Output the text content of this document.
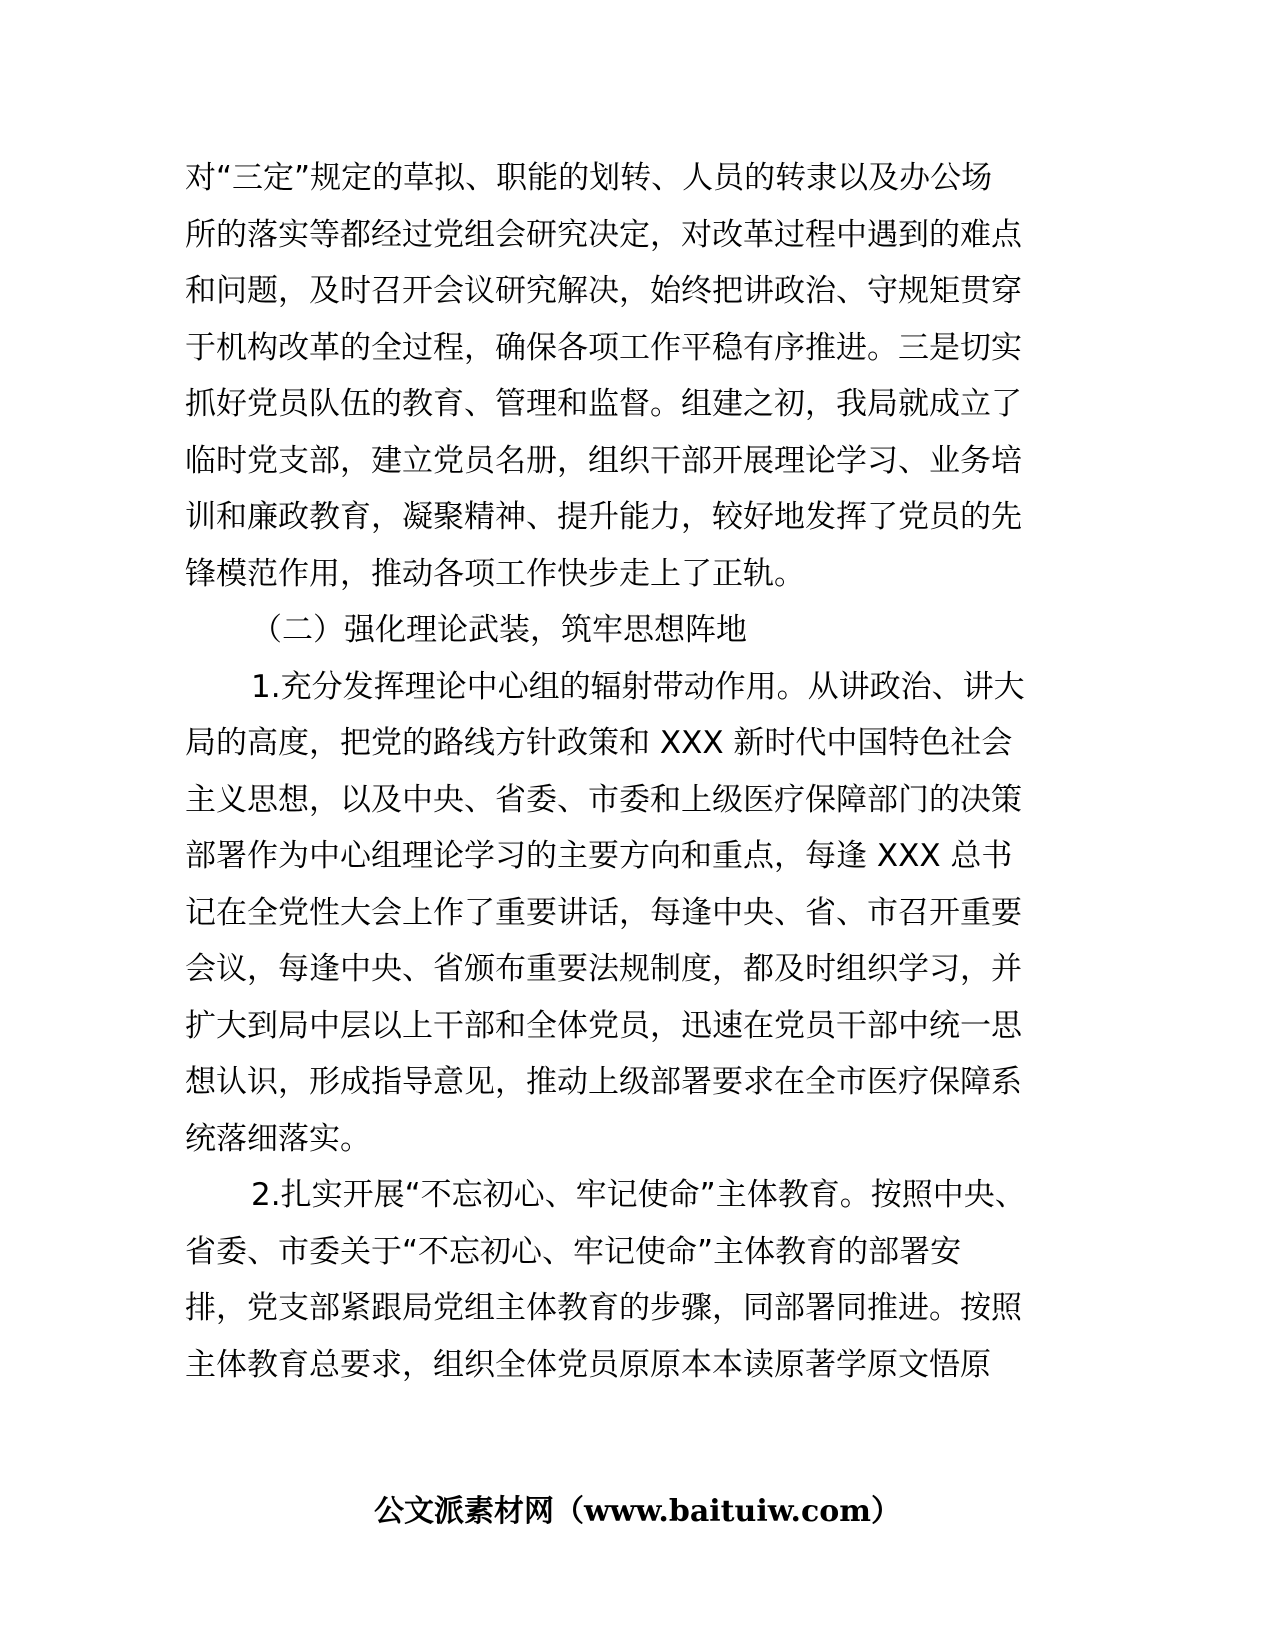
对“三定”规定的草拟、职能的划转、人员的转隶以及办公场
所的落实等都经过党组会研究决定，对改革过程中遇到的难点
和问题，及时召开会议研究解决，始终把讲政治、守规矩贯穿
于机构改革的全过程，确保各项工作平稳有序推进。三是切实
抓好党员队伍的教育、管理和监督。组建之初，我局就成立了
临时党支部，建立党员名册，组织干部开展理论学习、业务培
训和廉政教育，凝聚精神、提升能力，较好地发挥了党员的先
锋模范作用，推动各项工作快步走上了正轨。
（二）强化理论武装，筑牢思想阵地
1.充分发挥理论中心组的辐射带动作用。从讲政治、讲大
局的高度，把党的路线方针政策和 XXX 新时代中国特色社会
主义思想，以及中央、省委、市委和上级医疗保障部门的决策
部署作为中心组理论学习的主要方向和重点，每逢 XXX 总书
记在全党性大会上作了重要讲话，每逢中央、省、市召开重要
会议，每逢中央、省颁布重要法规制度，都及时组织学习，并
扩大到局中层以上干部和全体党员，迅速在党员干部中统一思
想认识，形成指导意见，推动上级部署要求在全市医疗保障系
统落细落实。
2.扎实开展“不忘初心、牢记使命”主体教育。按照中央、
省委、市委关于“不忘初心、牢记使命”主体教育的部署安
排，党支部紧跟局党组主体教育的步骤，同部署同推进。按照
主体教育总要求，组织全体党员原原本本读原著学原文悟原
公文派素材网（www.baituiw.com）
